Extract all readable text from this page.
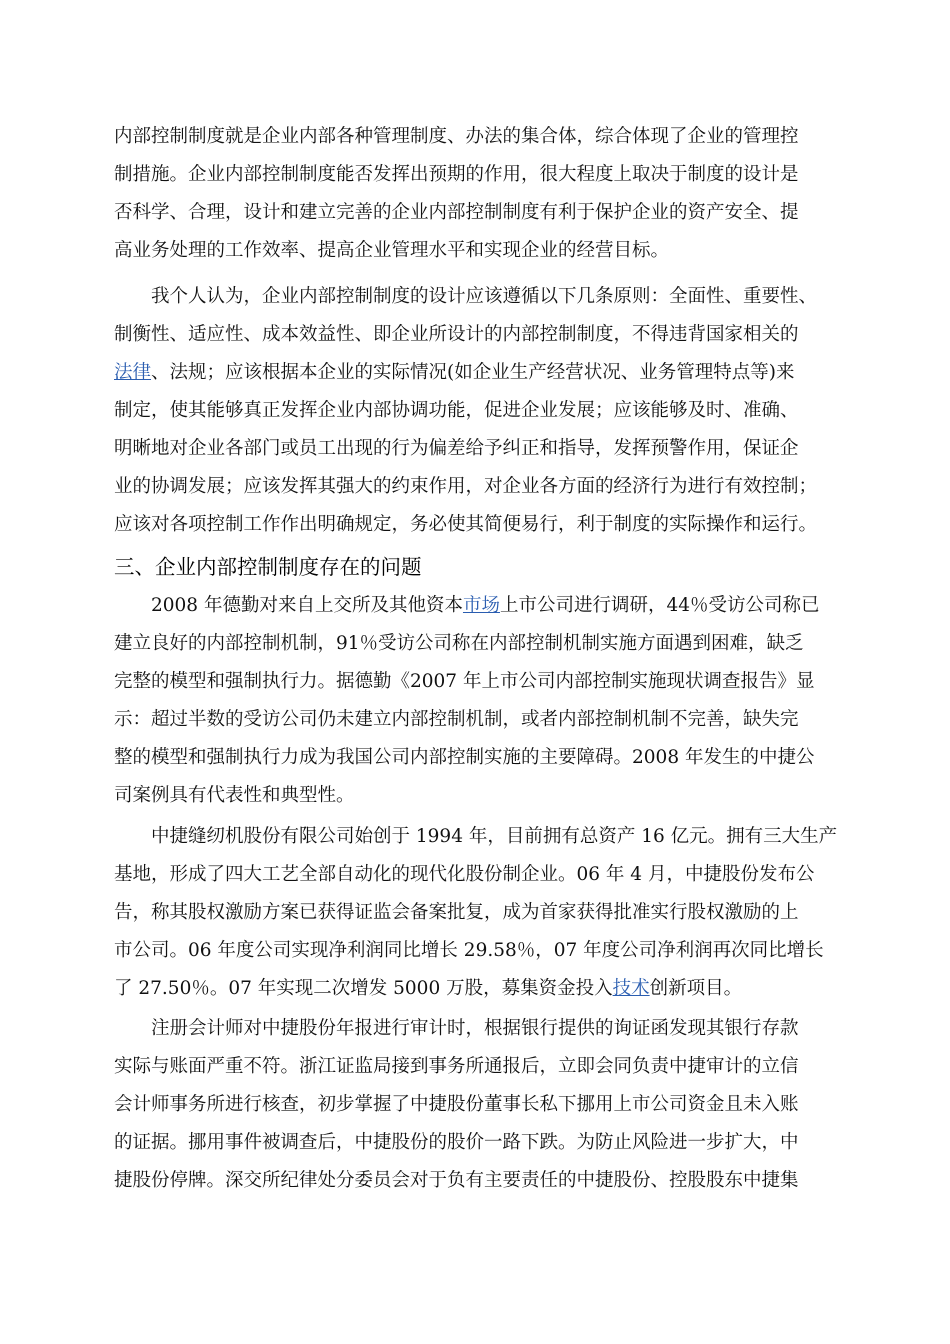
内部控制制度就是企业内部各种管理制度、办法的集合体，综合体现了企业的管理控
制措施。企业内部控制制度能否发挥出预期的作用，很大程度上取决于制度的设计是
否科学、合理，设计和建立完善的企业内部控制制度有利于保护企业的资产安全、提
高业务处理的工作效率、提高企业管理水平和实现企业的经营目标。
我个人认为，企业内部控制制度的设计应该遵循以下几条原则：全面性、重要性、
制衡性、适应性、成本效益性、即企业所设计的内部控制制度，不得违背国家相关的
法律、法规；应该根据本企业的实际情况(如企业生产经营状况、业务管理特点等)来
制定，使其能够真正发挥企业内部协调功能，促进企业发展；应该能够及时、准确、
明晰地对企业各部门或员工出现的行为偏差给予纠正和指导，发挥预警作用，保证企
业的协调发展；应该发挥其强大的约束作用，对企业各方面的经济行为进行有效控制；
应该对各项控制工作作出明确规定，务必使其简便易行，利于制度的实际操作和运行。
三、企业内部控制制度存在的问题
2008 年德勤对来自上交所及其他资本市场上市公司进行调研，44％受访公司称已
建立良好的内部控制机制，91％受访公司称在内部控制机制实施方面遇到困难，缺乏
完整的模型和强制执行力。据德勤《2007 年上市公司内部控制实施现状调查报告》显
示：超过半数的受访公司仍未建立内部控制机制，或者内部控制机制不完善，缺失完
整的模型和强制执行力成为我国公司内部控制实施的主要障碍。2008 年发生的中捷公
司案例具有代表性和典型性。
中捷缝纫机股份有限公司始创于 1994 年，目前拥有总资产 16 亿元。拥有三大生产
基地，形成了四大工艺全部自动化的现代化股份制企业。06 年 4 月，中捷股份发布公
告，称其股权激励方案已获得证监会备案批复，成为首家获得批准实行股权激励的上
市公司。06 年度公司实现净利润同比增长 29.58％，07 年度公司净利润再次同比增长
了 27.50％。07 年实现二次增发 5000 万股，募集资金投入技术创新项目。
注册会计师对中捷股份年报进行审计时，根据银行提供的询证函发现其银行存款
实际与账面严重不符。浙江证监局接到事务所通报后，立即会同负责中捷审计的立信
会计师事务所进行核查，初步掌握了中捷股份董事长私下挪用上市公司资金且未入账
的证据。挪用事件被调查后，中捷股份的股价一路下跌。为防止风险进一步扩大，中
捷股份停牌。深交所纪律处分委员会对于负有主要责任的中捷股份、控股股东中捷集
